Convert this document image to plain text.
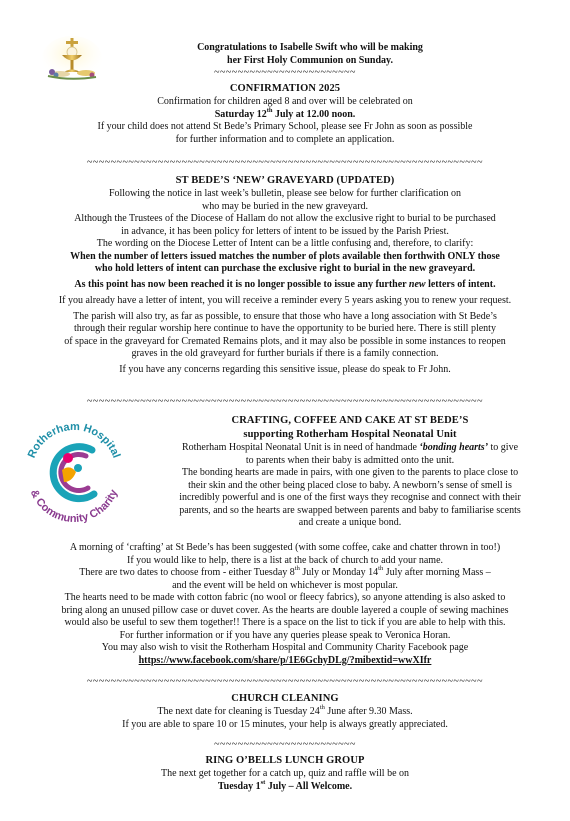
Congratulations to Isabelle Swift who will be making
her First Holy Communion on Sunday.
~~~~~~~~~~~~~~~~~~~~~~~~
CONFIRMATION 2025
Confirmation for children aged 8 and over will be celebrated on
Saturday 12th July at 12.00 noon.
If your child does not attend St Bede’s Primary School, please see Fr John as soon as possible
for further information and to complete an application.
~~~~~~~~~~~~~~~~~~~~~~~~~~~~~~~~~~~~~~~~~~~~~~~~~~~~~~~~~~~~~~~~~~~
ST BEDE’S ‘NEW’ GRAVEYARD (UPDATED)
Following the notice in last week’s bulletin, please see below for further clarification on
who may be buried in the new graveyard.
Although the Trustees of the Diocese of Hallam do not allow the exclusive right to burial to be purchased
in advance, it has been policy for letters of intent to be issued by the Parish Priest.
The wording on the Diocese Letter of Intent can be a little confusing and, therefore, to clarify:
When the number of letters issued matches the number of plots available then forthwith ONLY those
who hold letters of intent can purchase the exclusive right to burial in the new graveyard.
As this point has now been reached it is no longer possible to issue any further new letters of intent.
If you already have a letter of intent, you will receive a reminder every 5 years asking you to renew your request.
The parish will also try, as far as possible, to ensure that those who have a long association with St Bede’s
through their regular worship here continue to have the opportunity to be buried here. There is still plenty
of space in the graveyard for Cremated Remains plots, and it may also be possible in some instances to reopen
graves in the old graveyard for further burials if there is a family connection.
If you have any concerns regarding this sensitive issue, please do speak to Fr John.
~~~~~~~~~~~~~~~~~~~~~~~~~~~~~~~~~~~~~~~~~~~~~~~~~~~~~~~~~~~~~~~~~~~
Rotherham Hospital
& Community Charity
CRAFTING, COFFEE AND CAKE AT ST BEDE’S
supporting Rotherham Hospital Neonatal Unit
Rotherham Hospital Neonatal Unit is in need of handmade ‘bonding hearts’ to give
to parents when their baby is admitted onto the unit.
The bonding hearts are made in pairs, with one given to the parents to place close to
their skin and the other being placed close to baby. A newborn’s sense of smell is
incredibly powerful and is one of the first ways they recognise and connect with their
parents, and so the hearts are swapped between parents and baby to familiarise scents
and create a unique bond.
A morning of ‘crafting’ at St Bede’s has been suggested (with some coffee, cake and chatter thrown in too!)
If you would like to help, there is a list at the back of church to add your name.
There are two dates to choose from - either Tuesday 8th July or Monday 14th July after morning Mass –
and the event will be held on whichever is most popular.
The hearts need to be made with cotton fabric (no wool or fleecy fabrics), so anyone attending is also asked to
bring along an unused pillow case or duvet cover. As the hearts are double layered a couple of sewing machines
would also be useful to sew them together!! There is a space on the list to tick if you are able to help with this.
For further information or if you have any queries please speak to Veronica Horan.
You may also wish to visit the Rotherham Hospital and Community Charity Facebook page
https://www.facebook.com/share/p/1E6GchyDLg/?mibextid=wwXIfr
~~~~~~~~~~~~~~~~~~~~~~~~~~~~~~~~~~~~~~~~~~~~~~~~~~~~~~~~~~~~~~~~~~~
CHURCH CLEANING
The next date for cleaning is Tuesday 24th June after 9.30 Mass.
If you are able to spare 10 or 15 minutes, your help is always greatly appreciated.
~~~~~~~~~~~~~~~~~~~~~~~~
RING O’BELLS LUNCH GROUP
The next get together for a catch up, quiz and raffle will be on
Tuesday 1st July – All Welcome.
